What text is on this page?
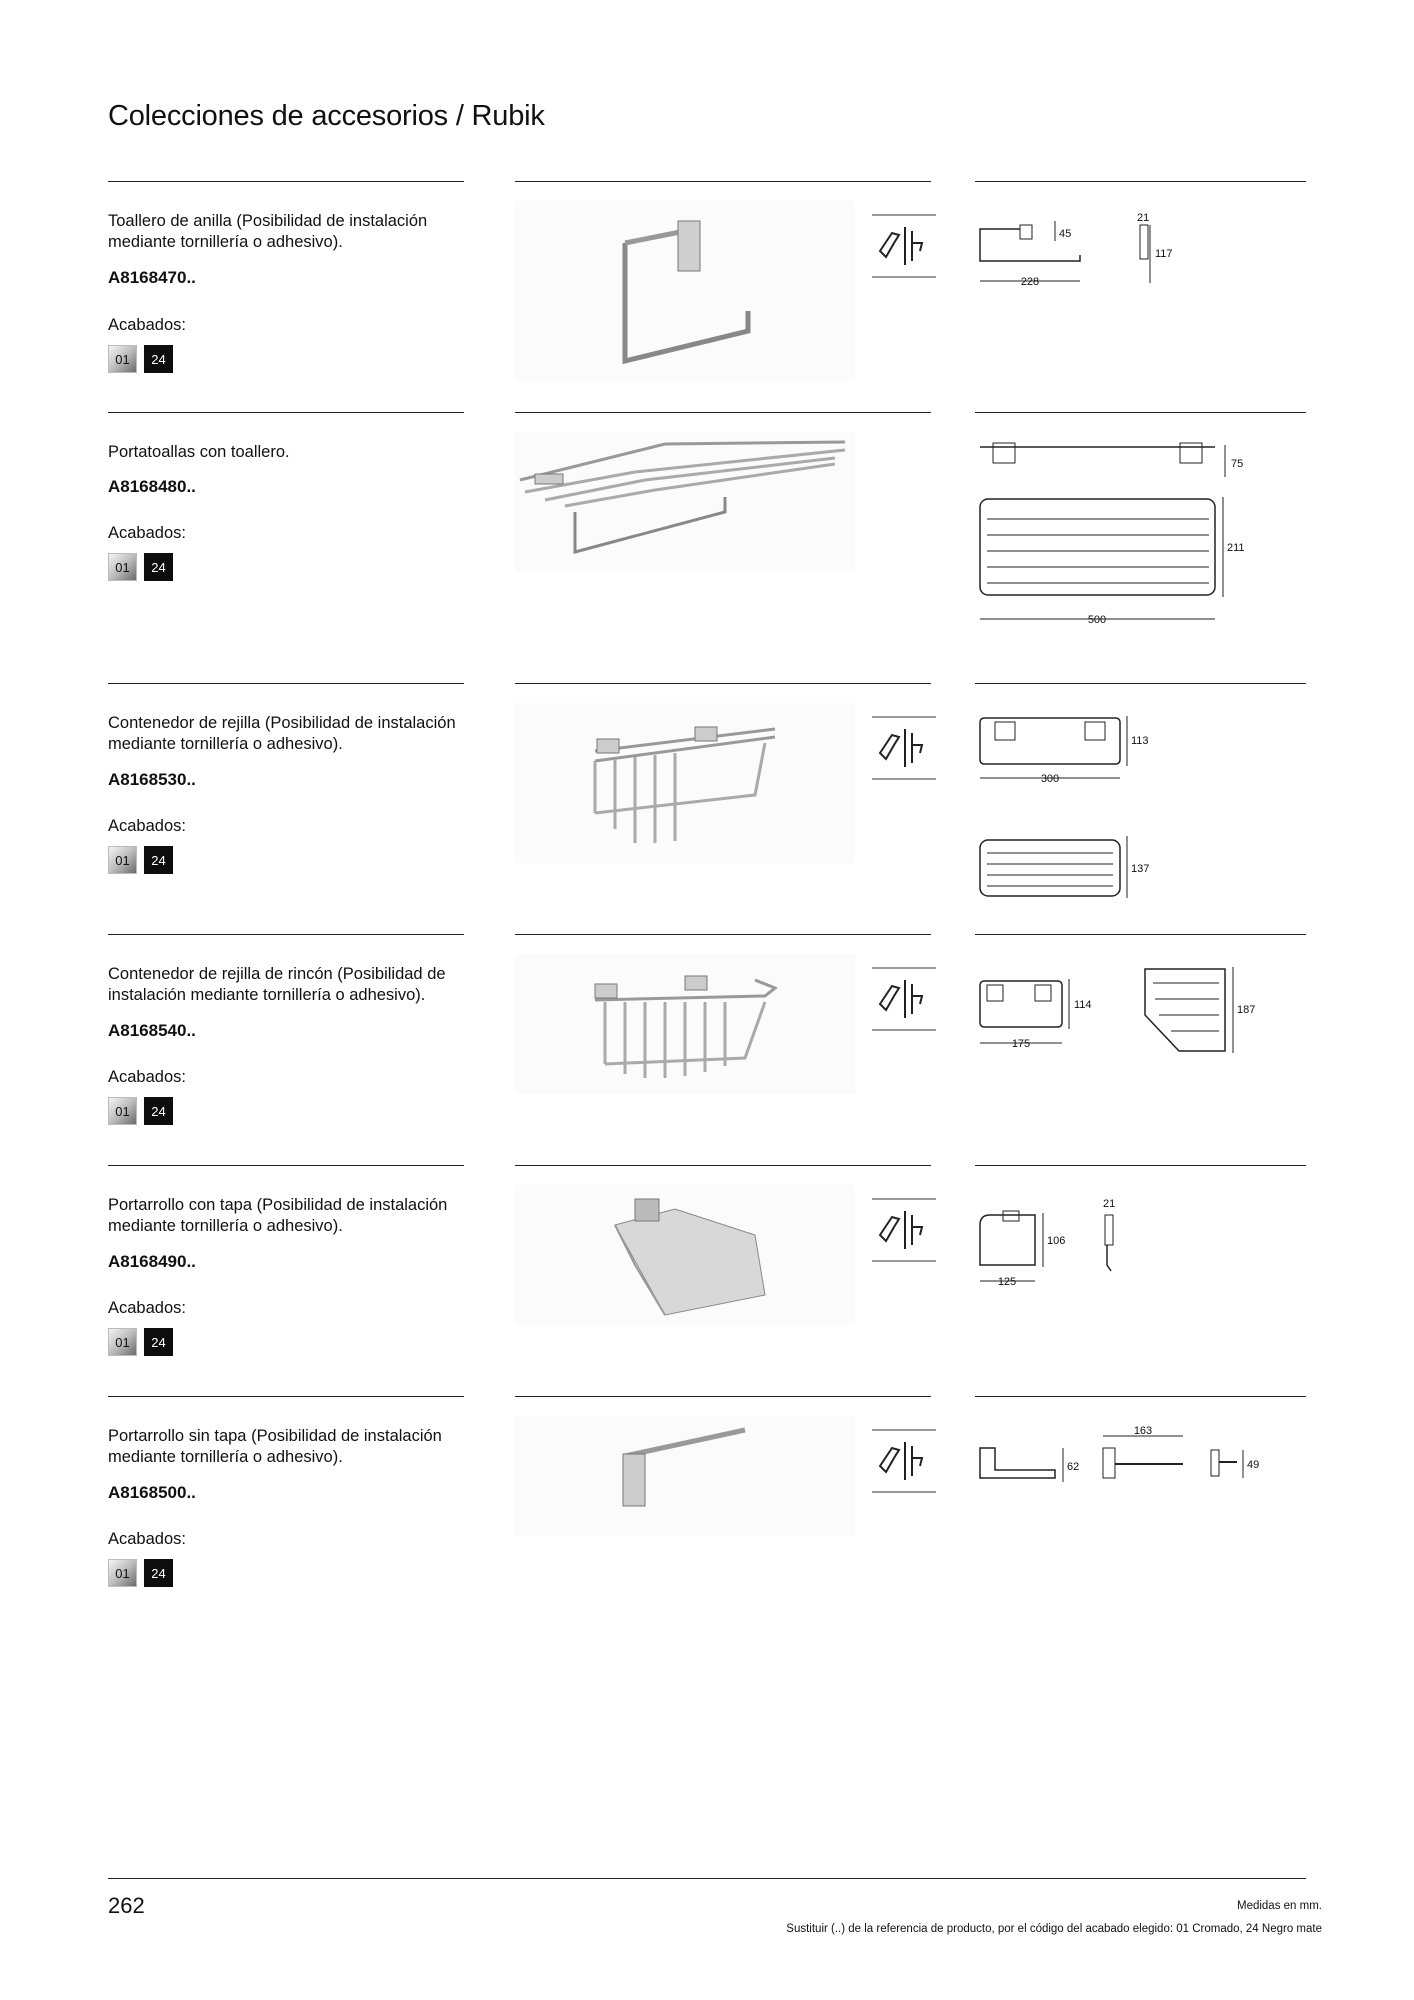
Colecciones de accesorios / Rubik
Toallero de anilla (Posibilidad de instalación mediante tornillería o adhesivo).
A8168470..
Acabados:
01	24
228
45
21
117
Portatoallas con toallero.
A8168480..
Acabados:
01	24
75
211
500
Contenedor de rejilla (Posibilidad de instalación mediante tornillería o adhesivo).
A8168530..
Acabados:
01	24
113
300
137
Contenedor de rejilla de rincón (Posibilidad de instalación mediante tornillería o adhesivo).
A8168540..
Acabados:
01	24
114
175
187
Portarrollo con tapa (Posibilidad de instalación mediante tornillería o adhesivo).
A8168490..
Acabados:
01	24
106
125
21
Portarrollo sin tapa (Posibilidad de instalación mediante tornillería o adhesivo).
A8168500..
Acabados:
01	24
62
163
49
262	Medidas en mm.
Sustituir (..) de la referencia de producto, por el código del acabado elegido: 01 Cromado, 24 Negro mate
